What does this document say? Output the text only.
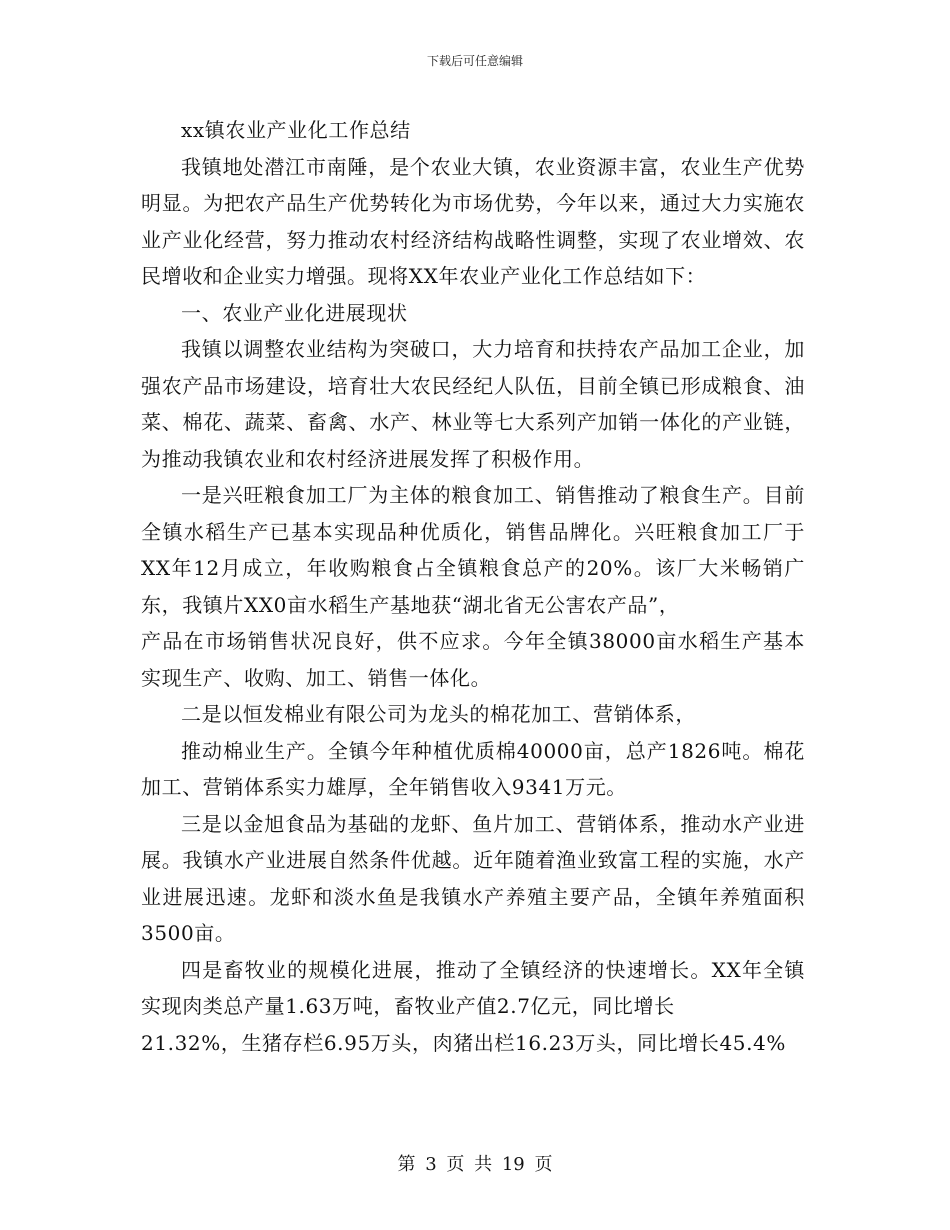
下载后可任意编辑

xx镇农业产业化工作总结

我镇地处潜江市南陲，是个农业大镇，农业资源丰富，农业生产优势明显。为把农产品生产优势转化为市场优势，今年以来，通过大力实施农业产业化经营，努力推动农村经济结构战略性调整，实现了农业增效、农民增收和企业实力增强。现将XX年农业产业化工作总结如下：

一、农业产业化进展现状

我镇以调整农业结构为突破口，大力培育和扶持农产品加工企业，加强农产品市场建设，培育壮大农民经纪人队伍，目前全镇已形成粮食、油菜、棉花、蔬菜、畜禽、水产、林业等七大系列产加销一体化的产业链，为推动我镇农业和农村经济进展发挥了积极作用。

一是兴旺粮食加工厂为主体的粮食加工、销售推动了粮食生产。目前全镇水稻生产已基本实现品种优质化，销售品牌化。兴旺粮食加工厂于XX年12月成立，年收购粮食占全镇粮食总产的20%。该厂大米畅销广东，我镇片XX0亩水稻生产基地获“湖北省无公害农产品”，

产品在市场销售状况良好，供不应求。今年全镇38000亩水稻生产基本实现生产、收购、加工、销售一体化。

二是以恒发棉业有限公司为龙头的棉花加工、营销体系，

推动棉业生产。全镇今年种植优质棉40000亩，总产1826吨。棉花加工、营销体系实力雄厚，全年销售收入9341万元。

三是以金旭食品为基础的龙虾、鱼片加工、营销体系，推动水产业进展。我镇水产业进展自然条件优越。近年随着渔业致富工程的实施，水产业进展迅速。龙虾和淡水鱼是我镇水产养殖主要产品，全镇年养殖面积3500亩。

四是畜牧业的规模化进展，推动了全镇经济的快速增长。XX年全镇实现肉类总产量1.63万吨，畜牧业产值2.7亿元，同比增长

21.32%，生猪存栏6.95万头，肉猪出栏16.23万头，同比增长45.4%

第 3 页 共 19 页
